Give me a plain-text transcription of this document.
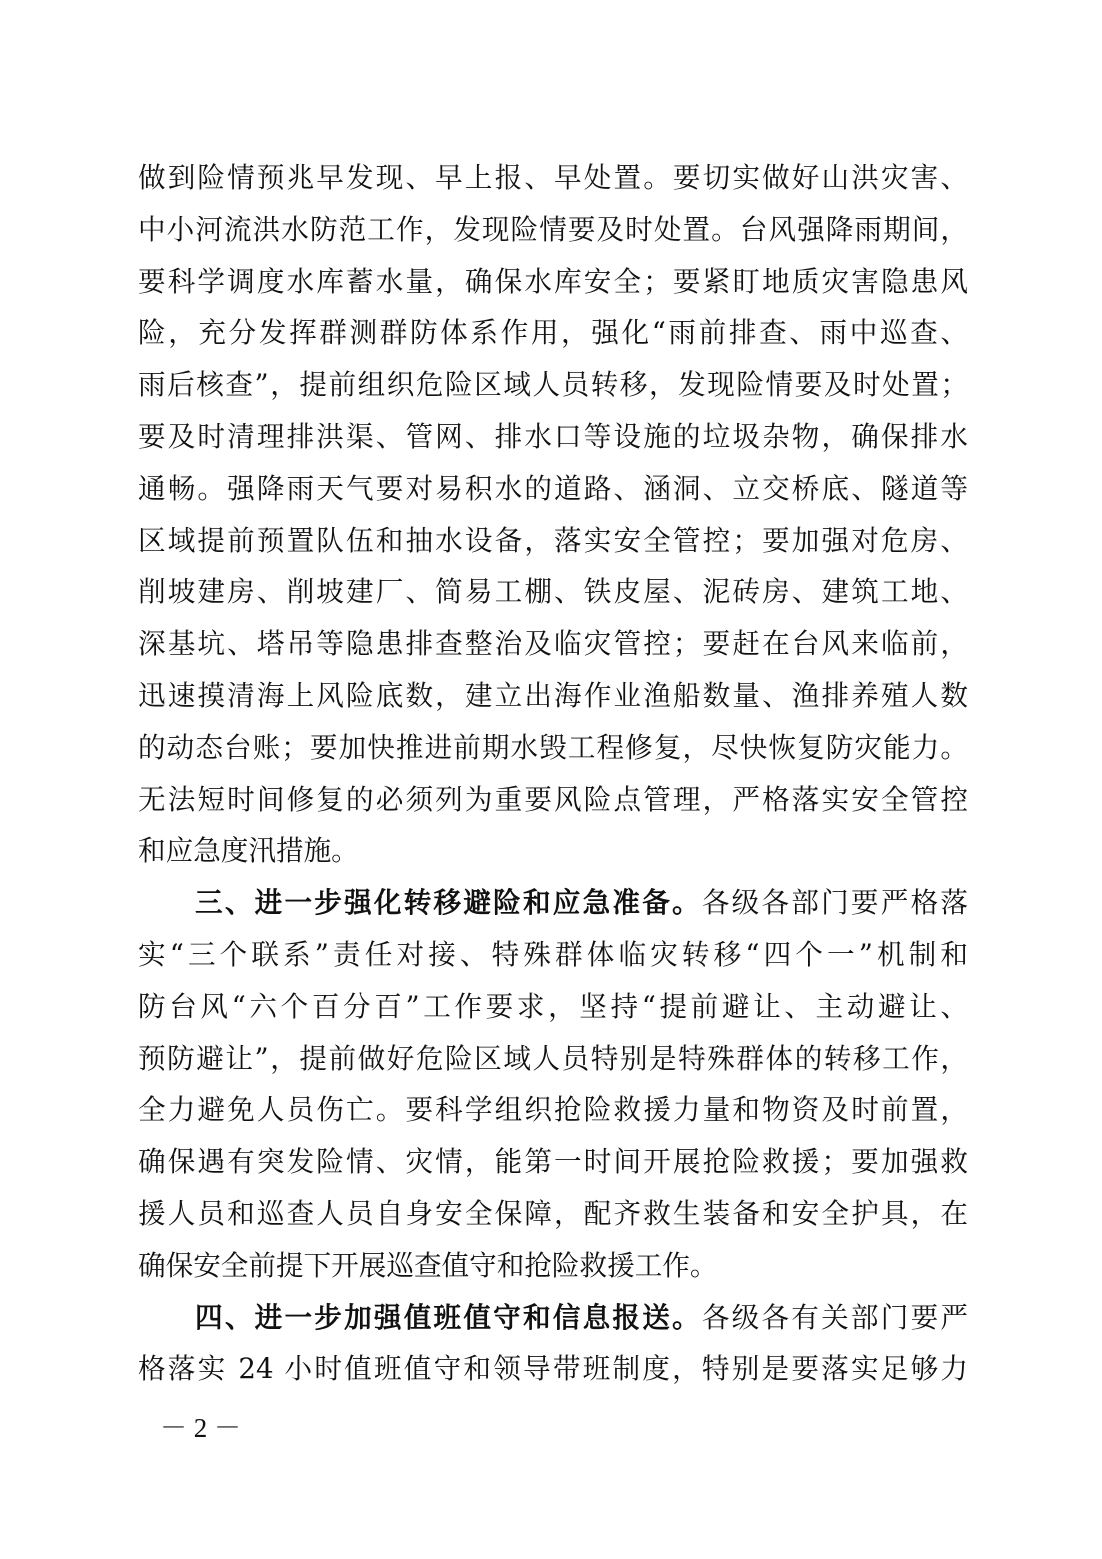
做到险情预兆早发现、早上报、早处置。要切实做好山洪灾害、
中小河流洪水防范工作，发现险情要及时处置。台风强降雨期间，
要科学调度水库蓄水量，确保水库安全；要紧盯地质灾害隐患风
险，充分发挥群测群防体系作用，强化“雨前排查、雨中巡查、
雨后核查”，提前组织危险区域人员转移，发现险情要及时处置；
要及时清理排洪渠、管网、排水口等设施的垃圾杂物，确保排水
通畅。强降雨天气要对易积水的道路、涵洞、立交桥底、隧道等
区域提前预置队伍和抽水设备，落实安全管控；要加强对危房、
削坡建房、削坡建厂、简易工棚、铁皮屋、泥砖房、建筑工地、
深基坑、塔吊等隐患排查整治及临灾管控；要赶在台风来临前，
迅速摸清海上风险底数，建立出海作业渔船数量、渔排养殖人数
的动态台账；要加快推进前期水毁工程修复，尽快恢复防灾能力。
无法短时间修复的必须列为重要风险点管理，严格落实安全管控
和应急度汛措施。
三、进一步强化转移避险和应急准备。各级各部门要严格落
实“三个联系”责任对接、特殊群体临灾转移“四个一”机制和
防台风“六个百分百”工作要求，坚持“提前避让、主动避让、
预防避让”，提前做好危险区域人员特别是特殊群体的转移工作，
全力避免人员伤亡。要科学组织抢险救援力量和物资及时前置，
确保遇有突发险情、灾情，能第一时间开展抢险救援；要加强救
援人员和巡查人员自身安全保障，配齐救生装备和安全护具，在
确保安全前提下开展巡查值守和抢险救援工作。
四、进一步加强值班值守和信息报送。各级各有关部门要严
格落实 24 小时值班值守和领导带班制度，特别是要落实足够力
－ 2 －
